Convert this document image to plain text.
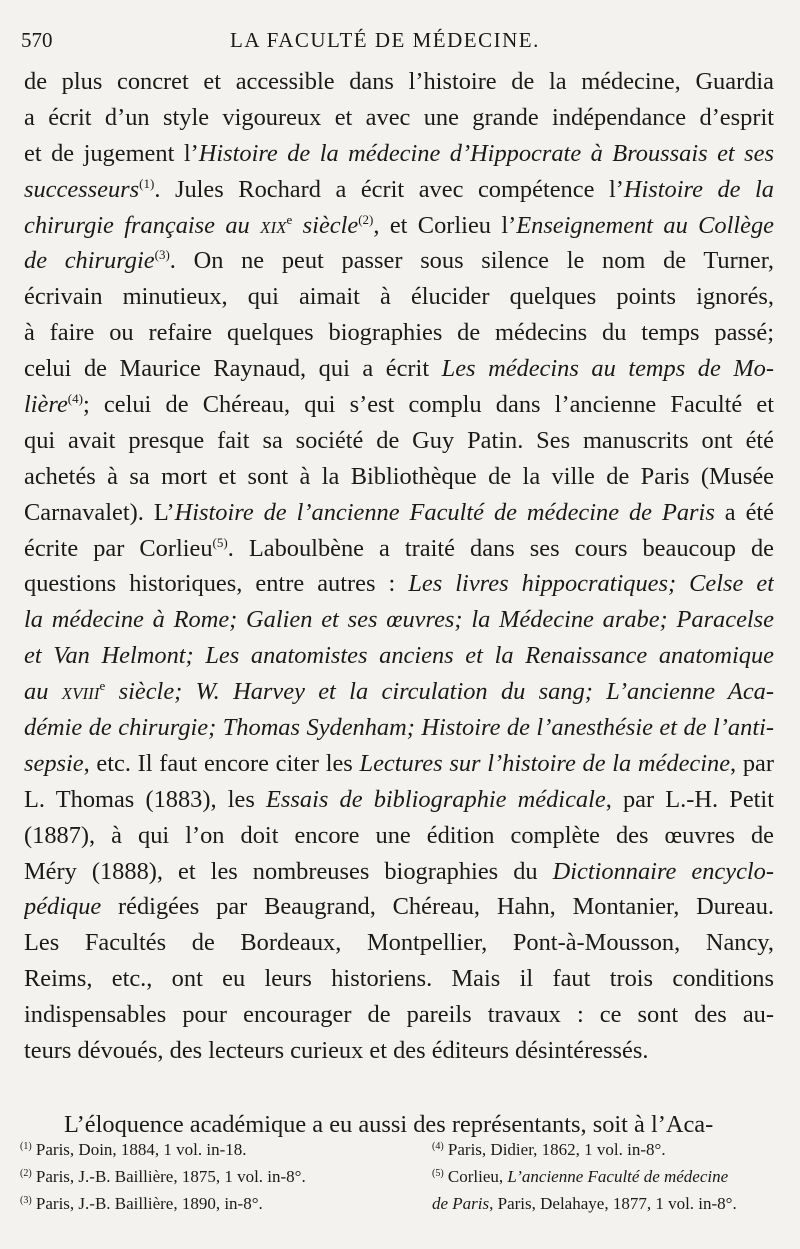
570	LA FACULTÉ DE MÉDECINE.
de plus concret et accessible dans l’histoire de la médecine, Guardia
a écrit d’un style vigoureux et avec une grande indépendance d’esprit
et de jugement l’Histoire de la médecine d’Hippocrate à Broussais et ses
successeurs$^{(1)}$. Jules Rochard a écrit avec compétence l’Histoire de la
chirurgie française au xix$^e$ siècle$^{(2)}$, et Corlieu l’Enseignement au Collège
de chirurgie$^{(3)}$. On ne peut passer sous silence le nom de Turner,
écrivain minutieux, qui aimait à élucider quelques points ignorés,
à faire ou refaire quelques biographies de médecins du temps passé;
celui de Maurice Raynaud, qui a écrit Les médecins au temps de Mo-
lière$^{(4)}$; celui de Chéreau, qui s’est complu dans l’ancienne Faculté et
qui avait presque fait sa société de Guy Patin. Ses manuscrits ont été
achetés à sa mort et sont à la Bibliothèque de la ville de Paris (Musée
Carnavalet). L’Histoire de l’ancienne Faculté de médecine de Paris a été
écrite par Corlieu$^{(5)}$. Laboulbène a traité dans ses cours beaucoup de
questions historiques, entre autres : Les livres hippocratiques; Celse et
la médecine à Rome; Galien et ses œuvres; la Médecine arabe; Paracelse
et Van Helmont; Les anatomistes anciens et la Renaissance anatomique
au xviii$^e$ siècle; W. Harvey et la circulation du sang; L’ancienne Aca-
démie de chirurgie; Thomas Sydenham; Histoire de l’anesthésie et de l’anti-
sepsie, etc. Il faut encore citer les Lectures sur l’histoire de la médecine, par
L. Thomas (1883), les Essais de bibliographie médicale, par L.-H. Petit
(1887), à qui l’on doit encore une édition complète des œuvres de
Méry (1888), et les nombreuses biographies du Dictionnaire encyclo-
pédique rédigées par Beaugrand, Chéreau, Hahn, Montanier, Dureau.
Les Facultés de Bordeaux, Montpellier, Pont-à-Mousson, Nancy,
Reims, etc., ont eu leurs historiens. Mais il faut trois conditions
indispensables pour encourager de pareils travaux : ce sont des au-
teurs dévoués, des lecteurs curieux et des éditeurs désintéressés.
L’éloquence académique a eu aussi des représentants, soit à l’Aca-
$^{(1)}$ Paris, Doin, 1884, 1 vol. in-18.
$^{(2)}$ Paris, J.-B. Baillière, 1875, 1 vol. in-8°.
$^{(3)}$ Paris, J.-B. Baillière, 1890, in-8°.
$^{(4)}$ Paris, Didier, 1862, 1 vol. in-8°.
$^{(5)}$ Corlieu, L’ancienne Faculté de médecine
de Paris, Paris, Delahaye, 1877, 1 vol. in-8°.
